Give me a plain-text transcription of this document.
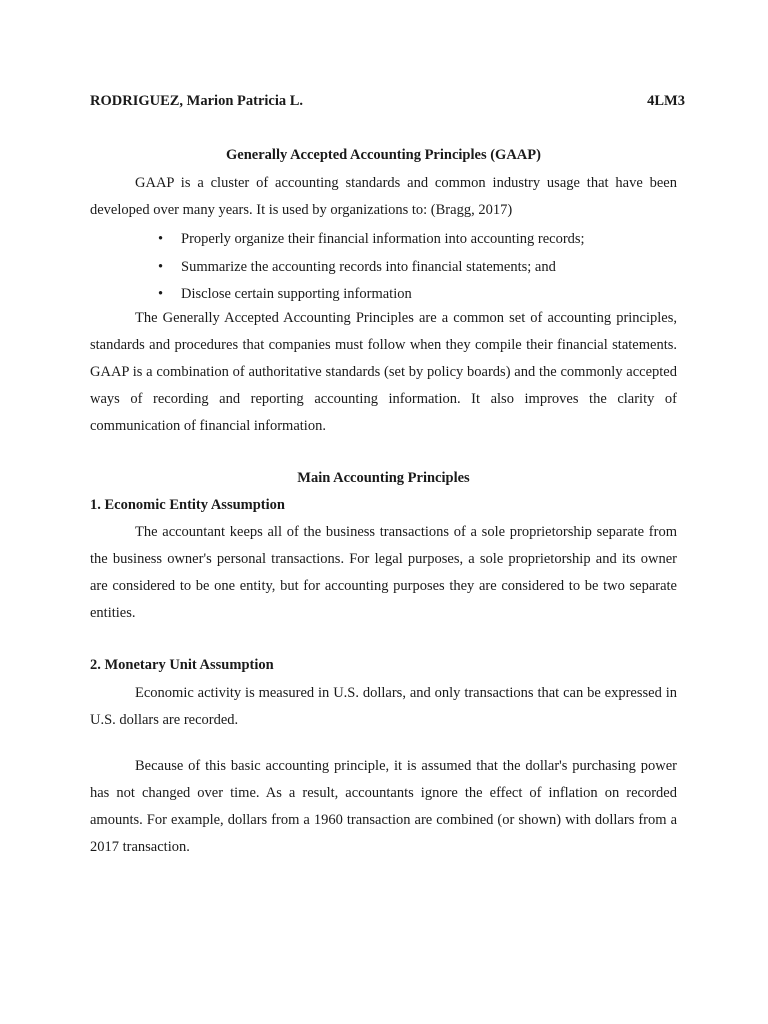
RODRIGUEZ, Marion Patricia L.	4LM3
Generally Accepted Accounting Principles (GAAP)

GAAP is a cluster of accounting standards and common industry usage that have been developed over many years. It is used by organizations to: (Bragg, 2017)

• Properly organize their financial information into accounting records;
• Summarize the accounting records into financial statements; and
• Disclose certain supporting information

The Generally Accepted Accounting Principles are a common set of accounting principles, standards and procedures that companies must follow when they compile their financial statements. GAAP is a combination of authoritative standards (set by policy boards) and the commonly accepted ways of recording and reporting accounting information. It also improves the clarity of communication of financial information.

Main Accounting Principles
1. Economic Entity Assumption

The accountant keeps all of the business transactions of a sole proprietorship separate from the business owner's personal transactions. For legal purposes, a sole proprietorship and its owner are considered to be one entity, but for accounting purposes they are considered to be two separate entities.

2. Monetary Unit Assumption

Economic activity is measured in U.S. dollars, and only transactions that can be expressed in U.S. dollars are recorded.

Because of this basic accounting principle, it is assumed that the dollar's purchasing power has not changed over time. As a result, accountants ignore the effect of inflation on recorded amounts. For example, dollars from a 1960 transaction are combined (or shown) with dollars from a 2017 transaction.
